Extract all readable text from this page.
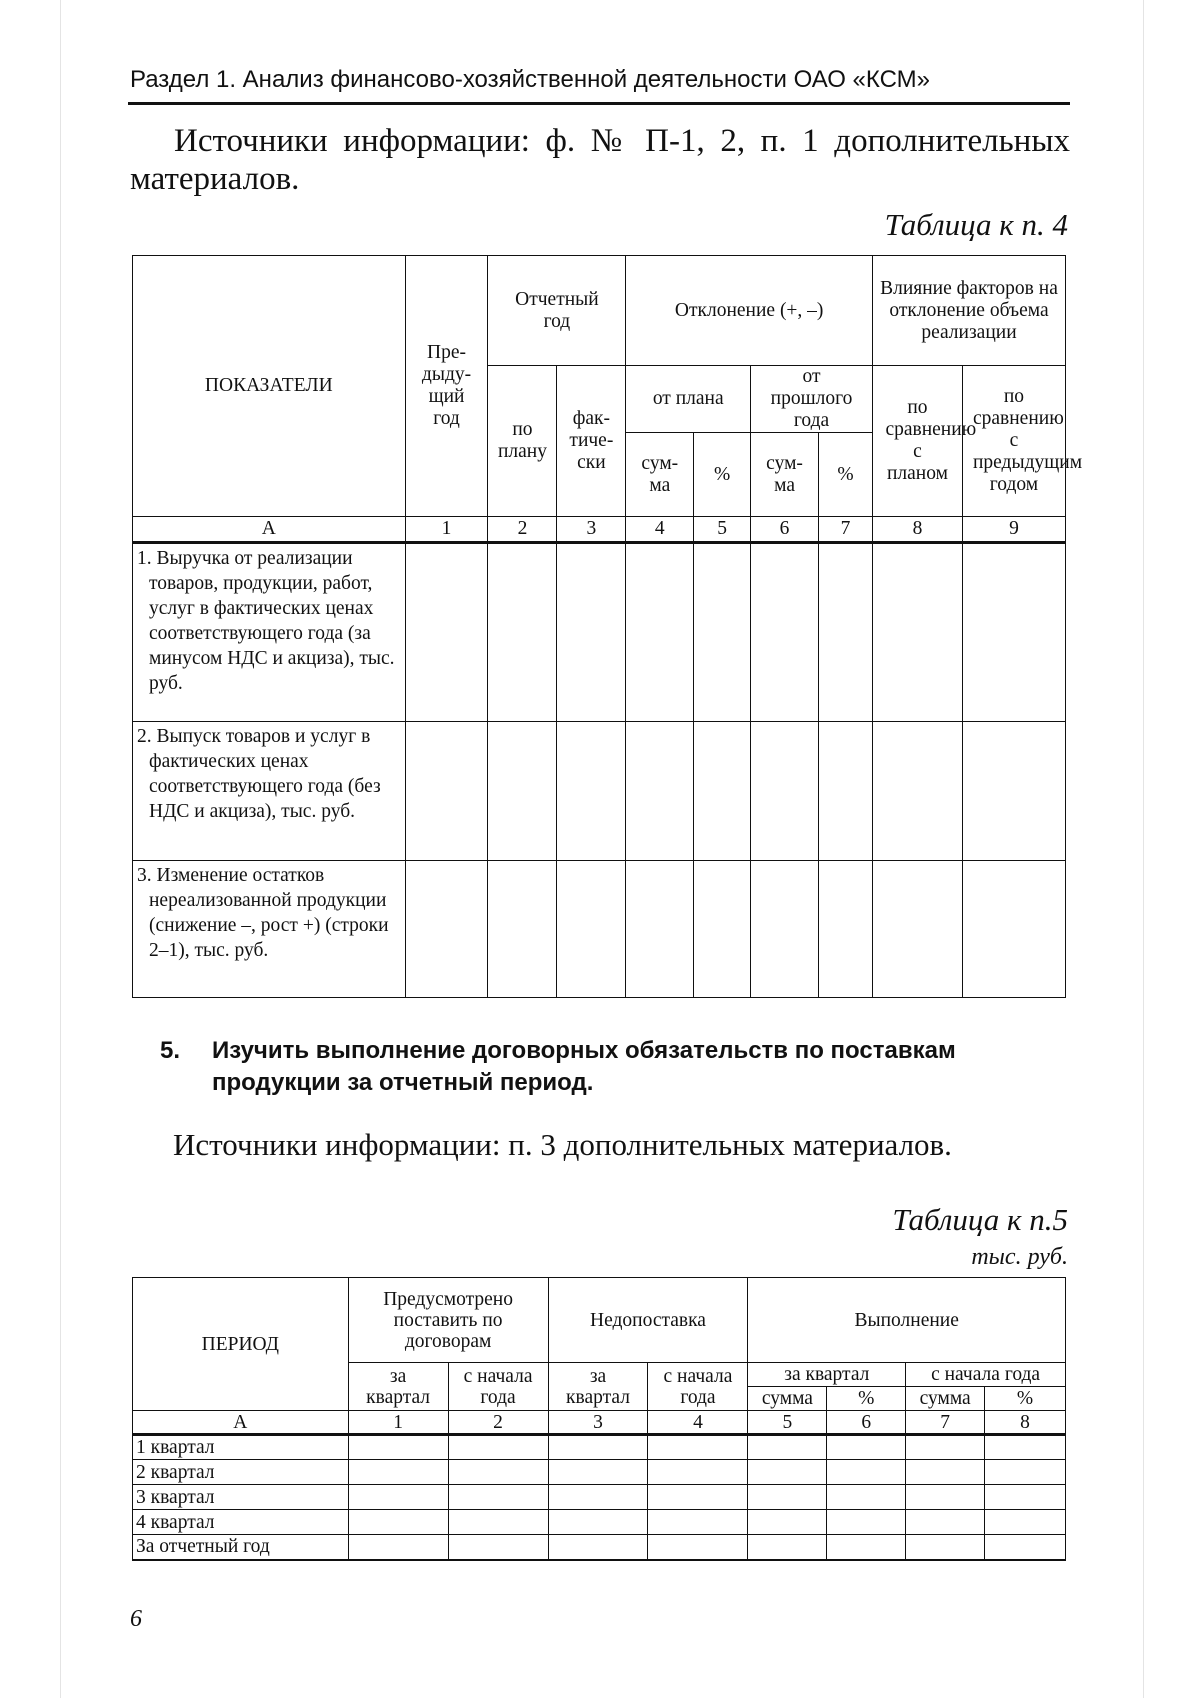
Раздел 1. Анализ финансово-хозяйственной деятельности ОАО «КСМ»
Источники информации: ф. № П-1, 2, п. 1 дополнительных материалов.
Таблица к п. 4
ПОКАЗАТЕЛИ	Пре-дыду-щий год	Отчетный год		Отклонение (+, –)				Влияние факторов на отклонение объема реализации	

		по плану	фак-тиче-ски	от плана		от прошлого года		по сравнению с планом	по сравнению с предыдущим годом

				сум-ма	%	сум-ма	%		
А	1	2	3	4	5	6	7	8	9
1. Выручка от реализации товаров, продукции, работ, услуг в фактических ценах соответствующего года (за минусом НДС и акциза), тыс. руб.									
2. Выпуск товаров и услуг в фактических ценах соответствующего года (без НДС и акциза), тыс. руб.									
3. Изменение остатков нереализованной продукции (снижение –, рост +) (строки 2–1), тыс. руб.									
5. Изучить выполнение договорных обязательств по поставкам продукции за отчетный период.
Источники информации: п. 3 дополнительных материалов.
Таблица к п.5
тыс. руб.
ПЕРИОД	Предусмотрено поставить по договорам		Недопоставка		Выполнение			

	за квартал	с начала года	за квартал	с начала года	за квартал		с начала года	
					сумма	%	сумма	%
А	1	2	3	4	5	6	7	8
1 квартал								
2 квартал								
3 квартал								
4 квартал								
За отчетный год								
6
